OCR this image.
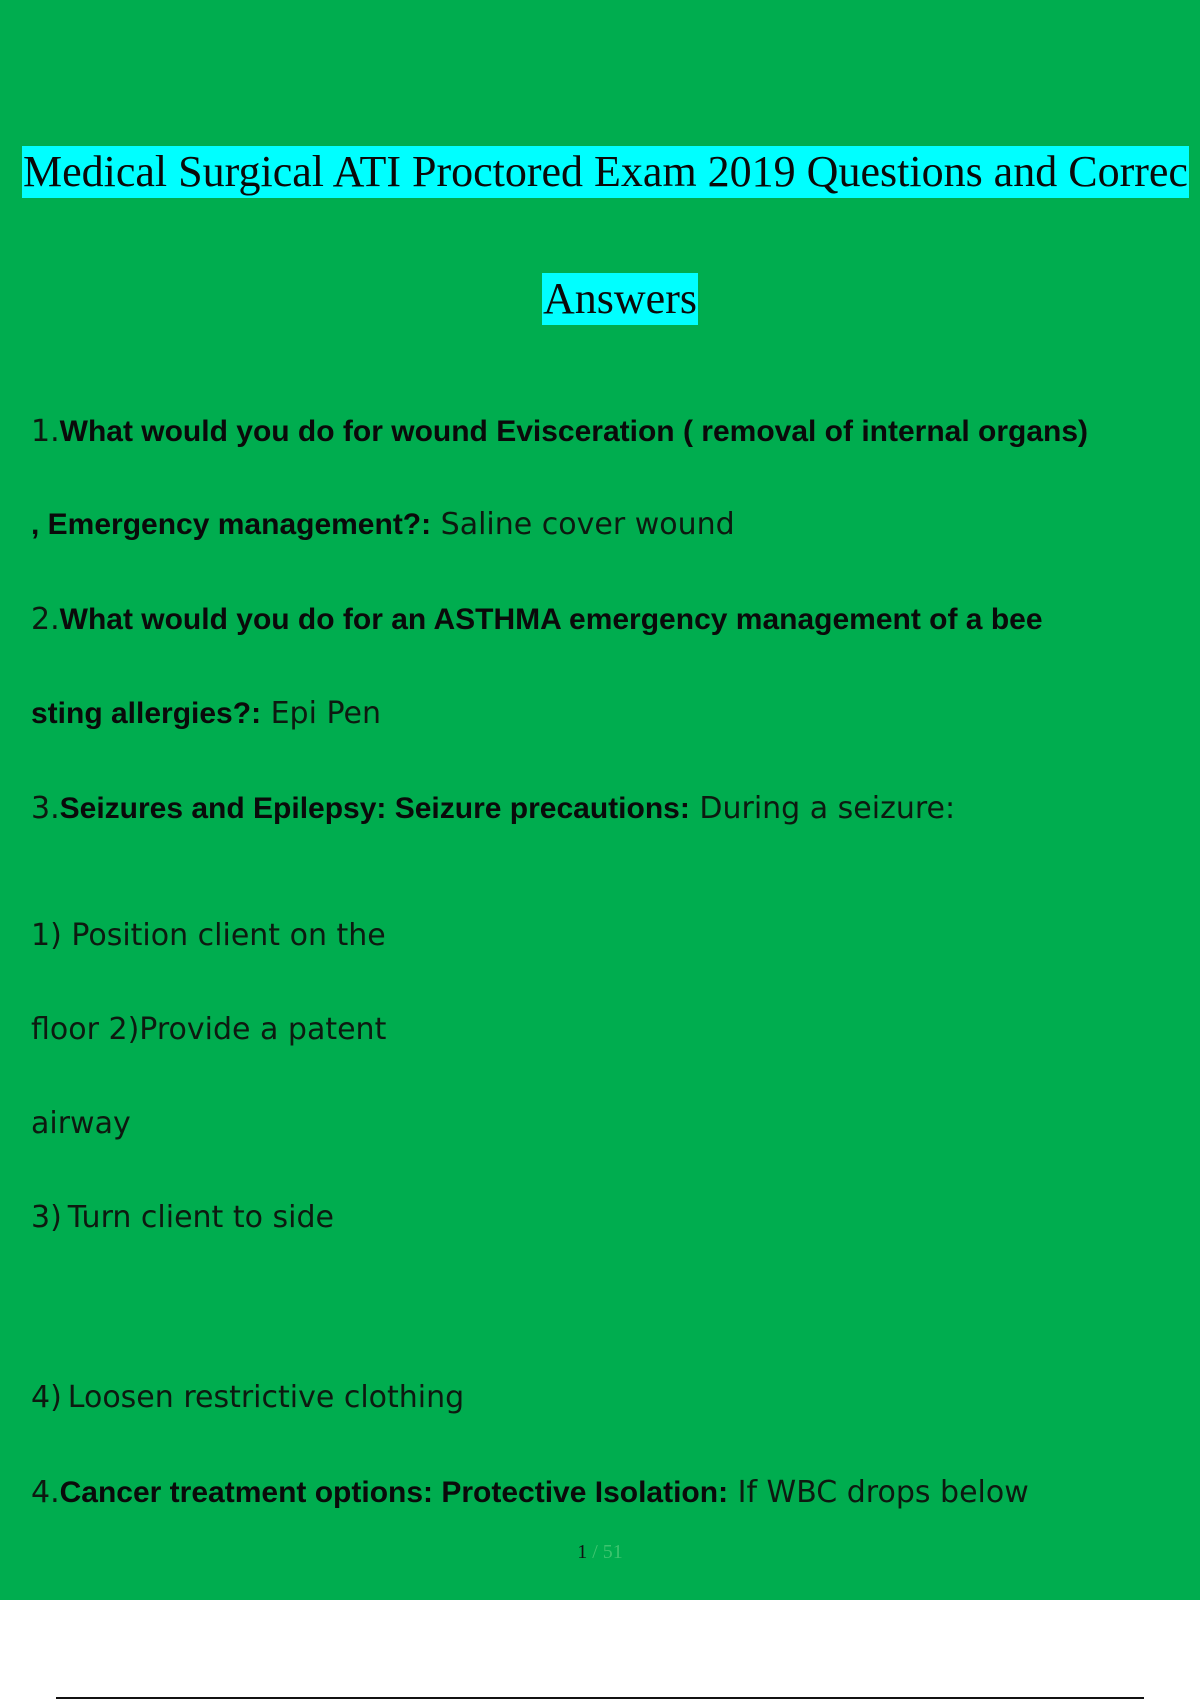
Medical Surgical ATI Proctored Exam 2019 Questions and Correc
Answers
1.What would you do for wound Evisceration ( removal of internal organs)
, Emergency management?: Saline cover wound
2.What would you do for an ASTHMA emergency management of a bee
sting allergies?: Epi Pen
3.Seizures and Epilepsy: Seizure precautions: During a seizure:
1) Position client on the
floor 2)Provide a patent
airway
3) Turn client to side
4) Loosen restrictive clothing
4.Cancer treatment options: Protective Isolation: If WBC drops below
1 / 51
